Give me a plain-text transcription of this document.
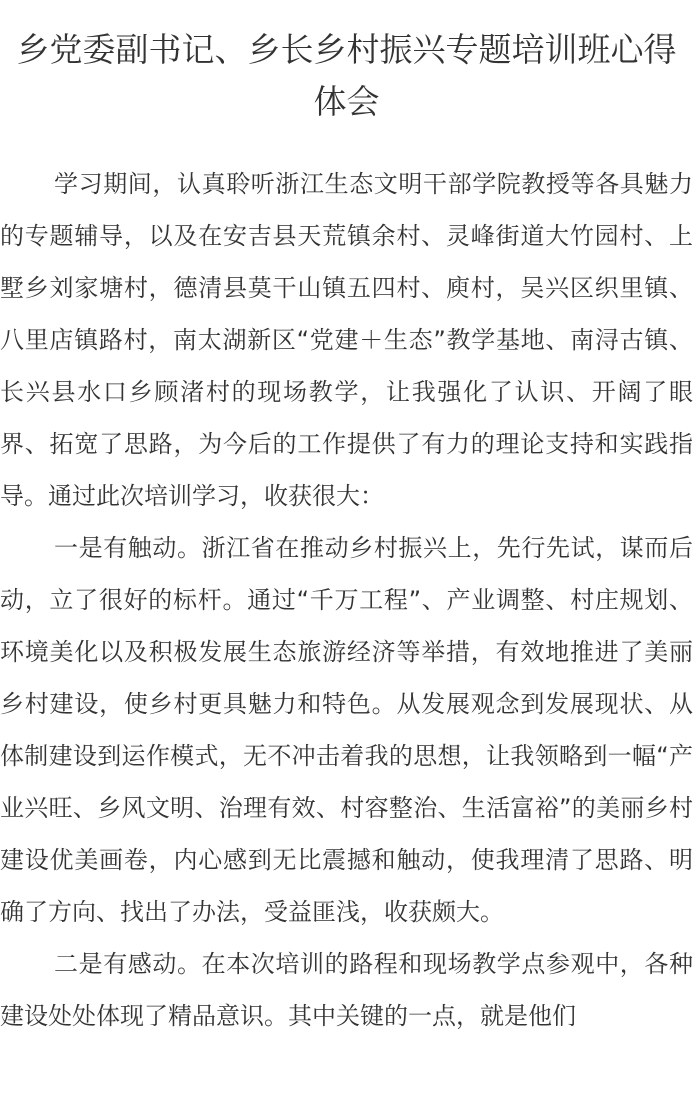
乡党委副书记、乡长乡村振兴专题培训班心得体会

学习期间，认真聆听浙江生态文明干部学院教授等各具魅力的专题辅导，以及在安吉县天荒镇余村、灵峰街道大竹园村、上墅乡刘家塘村，德清县莫干山镇五四村、庾村，吴兴区织里镇、八里店镇路村，南太湖新区“党建＋生态”教学基地、南浔古镇、长兴县水口乡顾渚村的现场教学，让我强化了认识、开阔了眼界、拓宽了思路，为今后的工作提供了有力的理论支持和实践指导。通过此次培训学习，收获很大：

一是有触动。浙江省在推动乡村振兴上，先行先试，谋而后动，立了很好的标杆。通过“千万工程”、产业调整、村庄规划、环境美化以及积极发展生态旅游经济等举措，有效地推进了美丽乡村建设，使乡村更具魅力和特色。从发展观念到发展现状、从体制建设到运作模式，无不冲击着我的思想，让我领略到一幅“产业兴旺、乡风文明、治理有效、村容整治、生活富裕”的美丽乡村建设优美画卷，内心感到无比震撼和触动，使我理清了思路、明确了方向、找出了办法，受益匪浅，收获颇大。

二是有感动。在本次培训的路程和现场教学点参观中，各种建设处处体现了精品意识。其中关键的一点，就是他们
